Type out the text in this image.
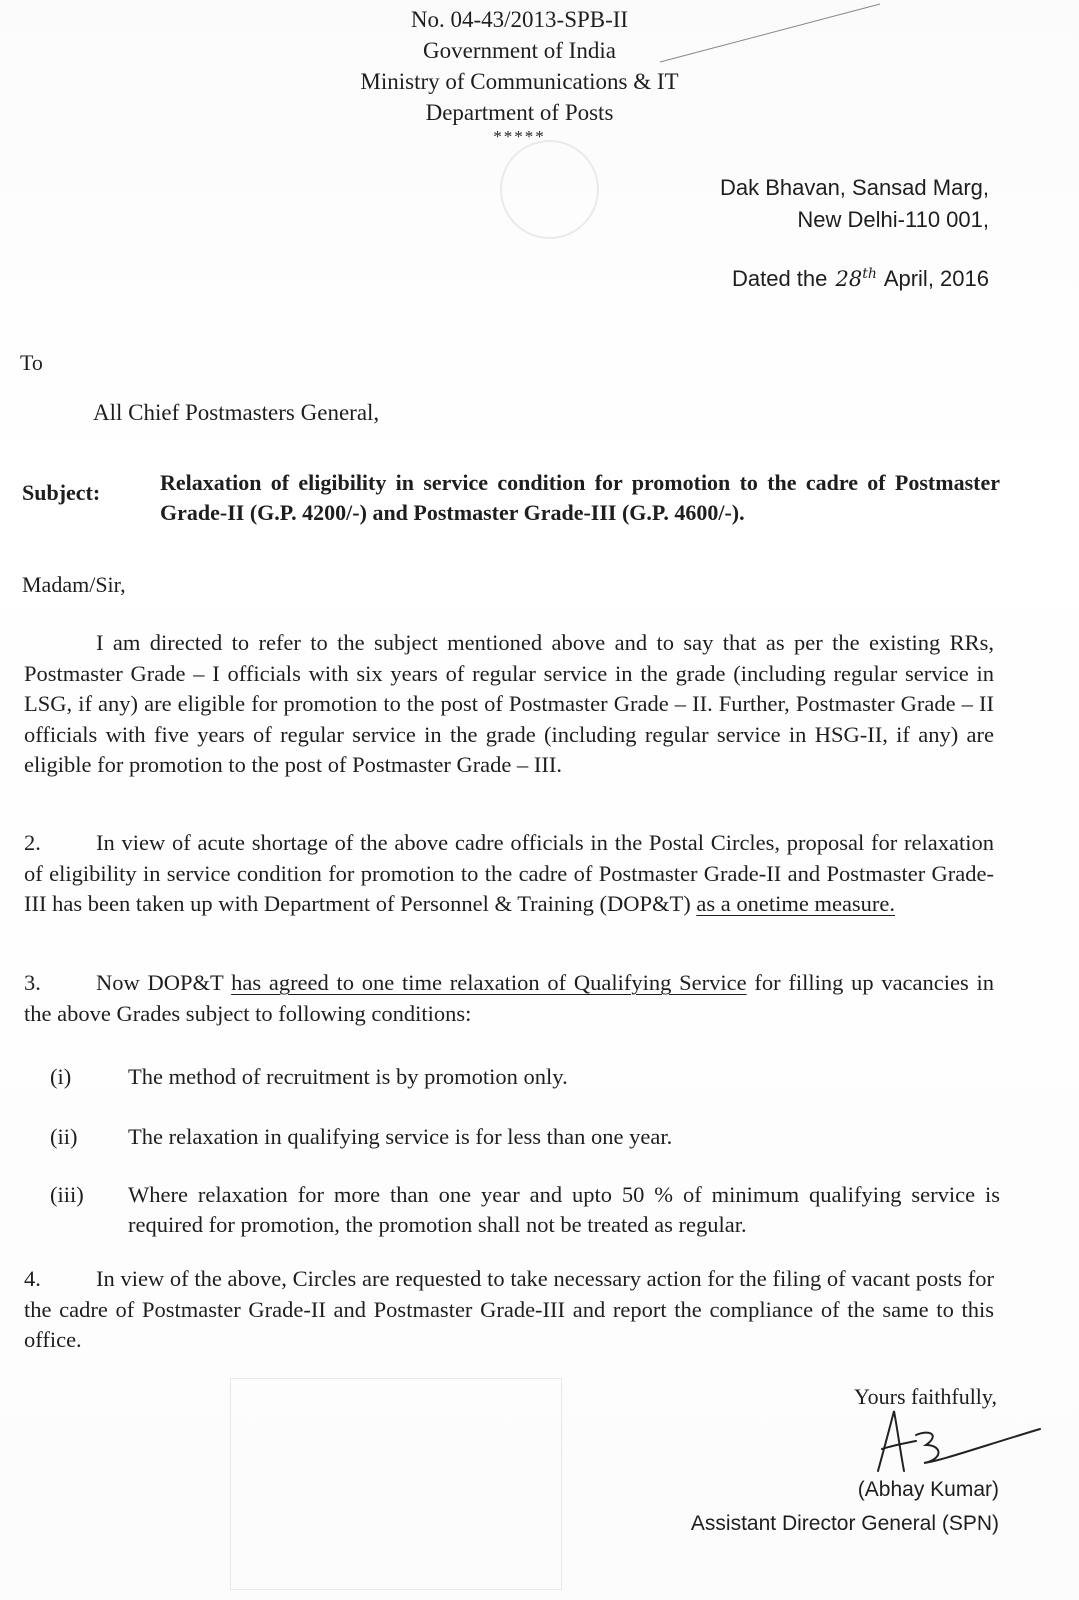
No. 04-43/2013-SPB-II
Government of India
Ministry of Communications & IT
Department of Posts
*****
Dak Bhavan, Sansad Marg,
New Delhi-110 001,
Dated the 28th April, 2016
To
All Chief Postmasters General,
Subject:	Relaxation of eligibility in service condition for promotion to the cadre of Postmaster Grade-II (G.P. 4200/-) and Postmaster Grade-III (G.P. 4600/-).
Madam/Sir,
I am directed to refer to the subject mentioned above and to say that as per the existing RRs, Postmaster Grade – I officials with six years of regular service in the grade (including regular service in LSG, if any) are eligible for promotion to the post of Postmaster Grade – II. Further, Postmaster Grade – II officials with five years of regular service in the grade (including regular service in HSG-II, if any) are eligible for promotion to the post of Postmaster Grade – III.
2. In view of acute shortage of the above cadre officials in the Postal Circles, proposal for relaxation of eligibility in service condition for promotion to the cadre of Postmaster Grade-II and Postmaster Grade-III has been taken up with Department of Personnel & Training (DOP&T) as a onetime measure.
3. Now DOP&T has agreed to one time relaxation of Qualifying Service for filling up vacancies in the above Grades subject to following conditions:
(i)	The method of recruitment is by promotion only.
(ii) The relaxation in qualifying service is for less than one year.
(iii) Where relaxation for more than one year and upto 50 % of minimum qualifying service is required for promotion, the promotion shall not be treated as regular.
4. In view of the above, Circles are requested to take necessary action for the filing of vacant posts for the cadre of Postmaster Grade-II and Postmaster Grade-III and report the compliance of the same to this office.
Yours faithfully,
(Abhay Kumar)
Assistant Director General (SPN)
